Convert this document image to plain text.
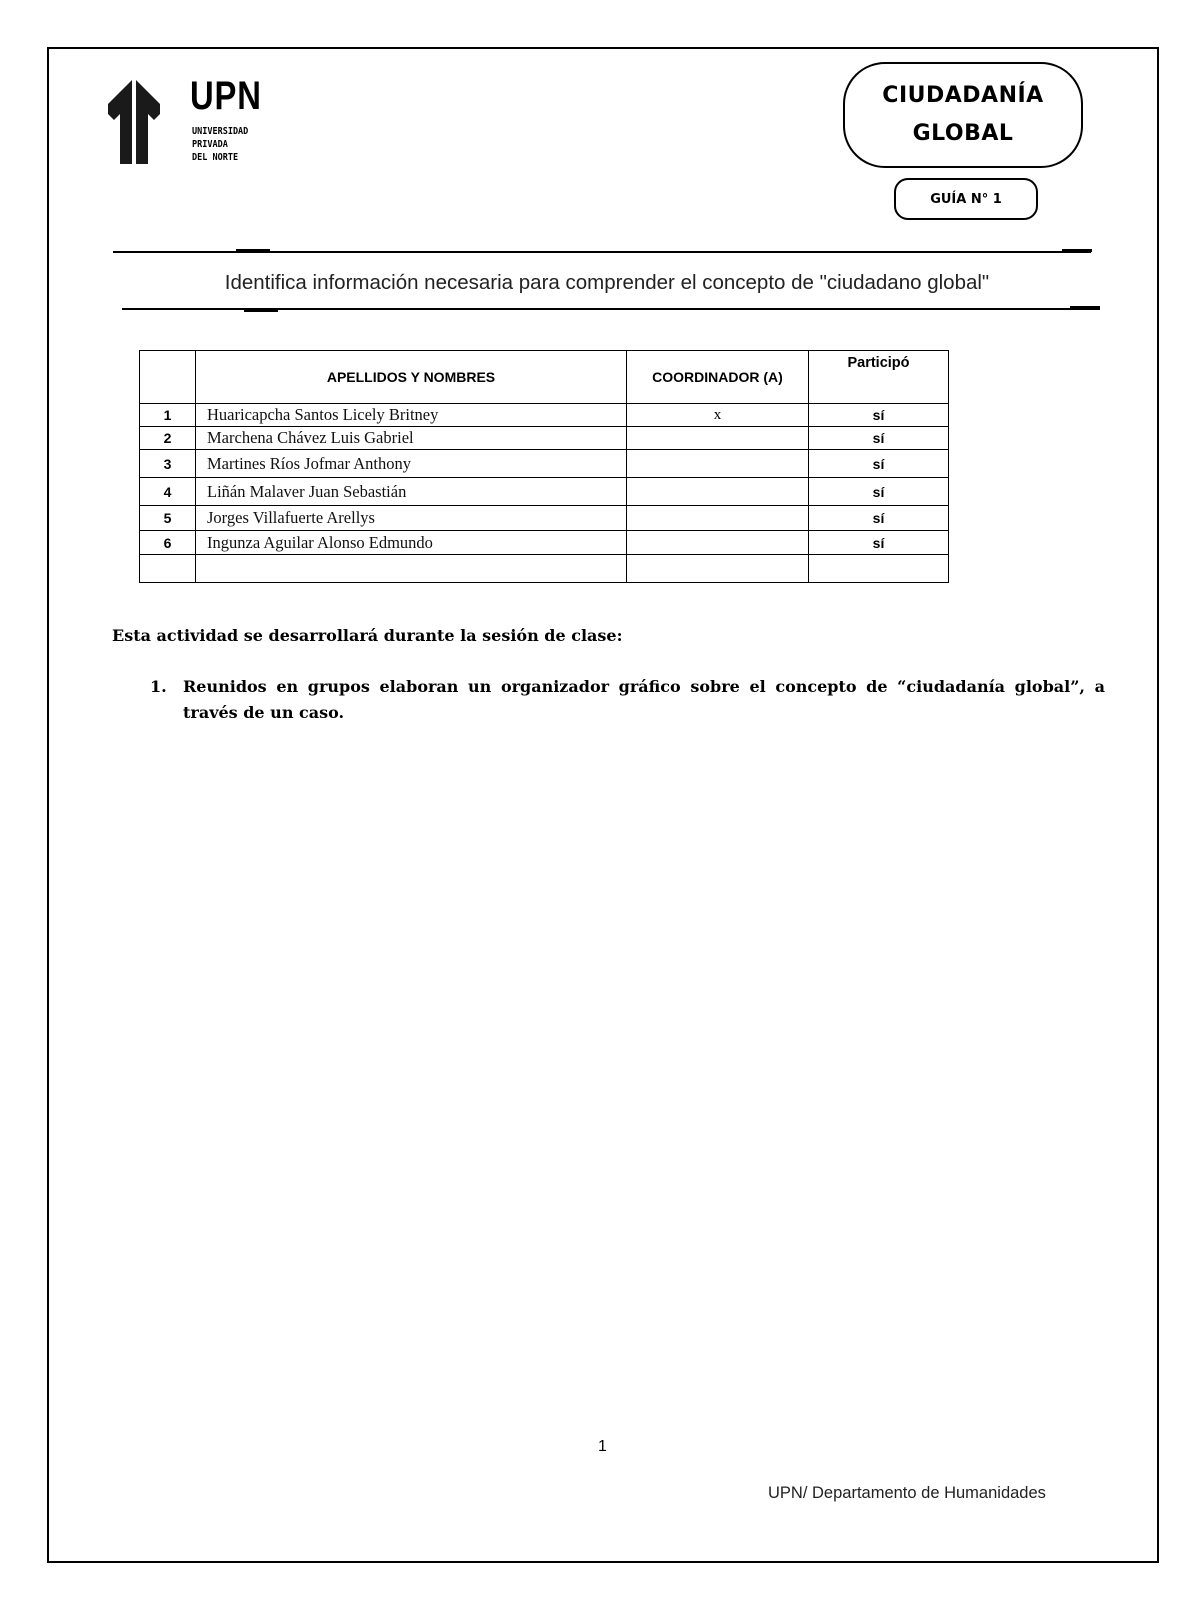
UPN
UNIVERSIDAD
PRIVADA
DEL NORTE
CIUDADANÍA
GLOBAL
GUÍA N° 1
Identifica información necesaria para comprender el concepto de "ciudadano global"
	APELLIDOS Y NOMBRES	COORDINADOR (A)	Participó
1	Huaricapcha Santos Licely Britney	x	sí
2	Marchena Chávez Luis Gabriel		sí
3	Martines Ríos Jofmar Anthony		sí
4	Liñán Malaver Juan Sebastián		sí
5	Jorges Villafuerte Arellys		sí
6	Ingunza Aguilar Alonso Edmundo		sí

Esta actividad se desarrollará durante la sesión de clase:
1. Reunidos en grupos elaboran un organizador gráfico sobre el concepto de “ciudadanía global”, a través de un caso.
1
UPN/ Departamento de Humanidades
